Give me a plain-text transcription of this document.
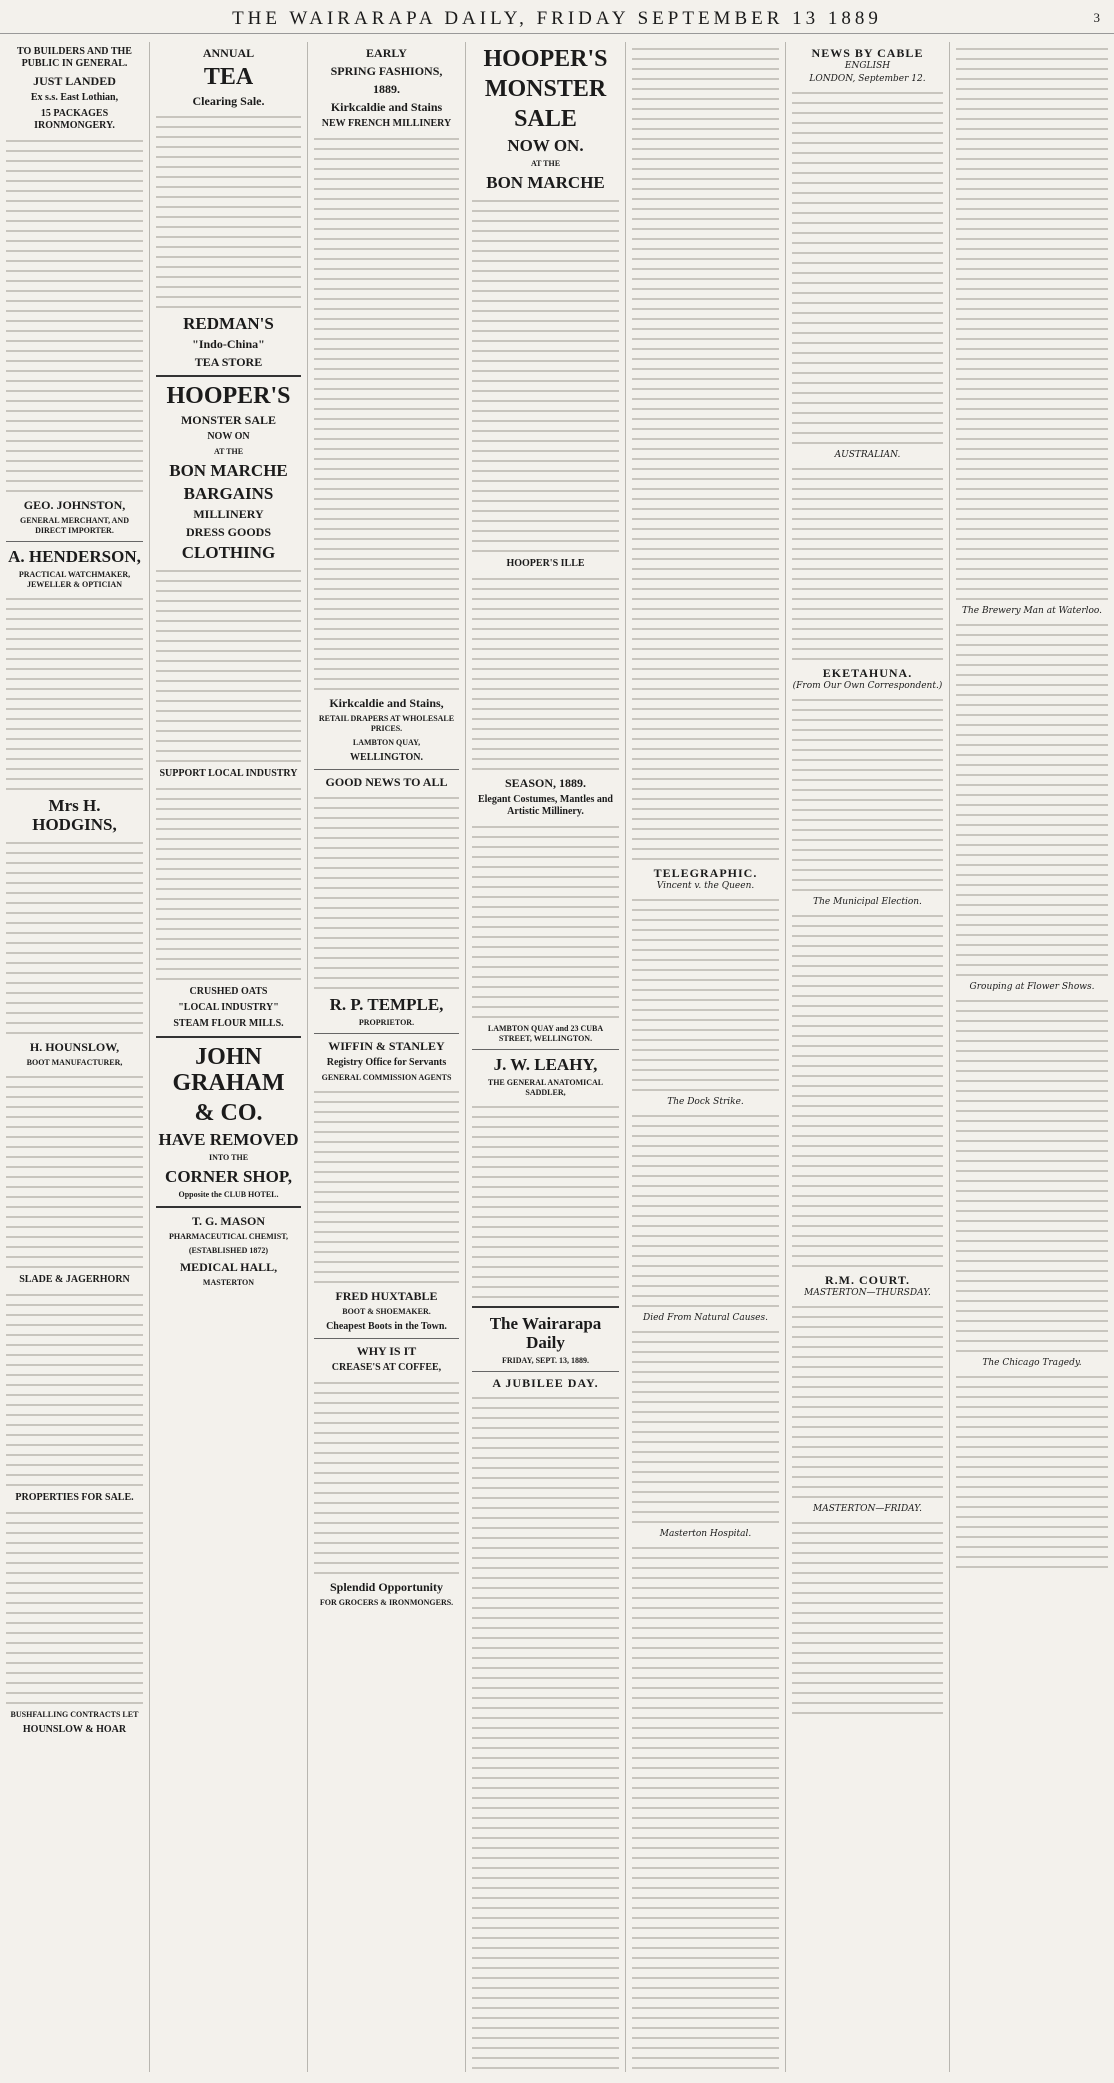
THE WAIRARAPA DAILY, FRIDAY SEPTEMBER 13 1889	3
TO BUILDERS AND THE PUBLIC IN GENERAL.
JUST LANDED
Ex s.s. East Lothian,
15 PACKAGES IRONMONGERY.
GEO. JOHNSTON,
GENERAL MERCHANT, AND DIRECT IMPORTER.
A. HENDERSON,
PRACTICAL WATCHMAKER, JEWELLER & OPTICIAN
Mrs H. HODGINS,
H. HOUNSLOW,
BOOT MANUFACTURER,
SLADE & JAGERHORN
PROPERTIES FOR SALE.
BUSHFALLING CONTRACTS LET
HOUNSLOW & HOAR
ANNUAL
TEA
Clearing Sale.
REDMAN'S
"Indo-China"
TEA STORE
HOOPER'S
MONSTER SALE
NOW ON
AT THE
BON MARCHE
BARGAINS
MILLINERY
DRESS GOODS
CLOTHING
SUPPORT LOCAL INDUSTRY
CRUSHED OATS
"LOCAL INDUSTRY"
STEAM FLOUR MILLS.
JOHN GRAHAM
& CO.
HAVE REMOVED
INTO THE
CORNER SHOP,
Opposite the CLUB HOTEL.
T. G. MASON
PHARMACEUTICAL CHEMIST,
(ESTABLISHED 1872)
MEDICAL HALL,
MASTERTON
EARLY
SPRING FASHIONS,
1889.
Kirkcaldie and Stains
NEW FRENCH MILLINERY
Kirkcaldie and Stains,
RETAIL DRAPERS AT WHOLESALE PRICES.
LAMBTON QUAY,
WELLINGTON.
GOOD NEWS TO ALL
R. P. TEMPLE,
PROPRIETOR.
WIFFIN & STANLEY
Registry Office for Servants
GENERAL COMMISSION AGENTS
FRED HUXTABLE
BOOT & SHOEMAKER.
Cheapest Boots in the Town.
WHY IS IT
CREASE'S AT COFFEE,
Splendid Opportunity
FOR GROCERS & IRONMONGERS.
HOOPER'S
MONSTER
SALE
NOW ON.
AT THE
BON MARCHE
HOOPER'S ILLE
SEASON, 1889.
Elegant Costumes, Mantles and Artistic Millinery.
LAMBTON QUAY and 23 CUBA STREET, WELLINGTON.
J. W. LEAHY,
THE GENERAL ANATOMICAL SADDLER,
The Wairarapa Daily
FRIDAY, SEPT. 13, 1889.
A JUBILEE DAY.
TELEGRAPHIC.
Vincent v. the Queen.
The Dock Strike.
Died From Natural Causes.
Masterton Hospital.
NEWS BY CABLE
ENGLISH
LONDON, September 12.
AUSTRALIAN.
EKETAHUNA.
(From Our Own Correspondent.)
The Municipal Election.
R.M. COURT.
MASTERTON—THURSDAY.
MASTERTON—FRIDAY.
The Brewery Man at Waterloo.
Grouping at Flower Shows.
The Chicago Tragedy.
